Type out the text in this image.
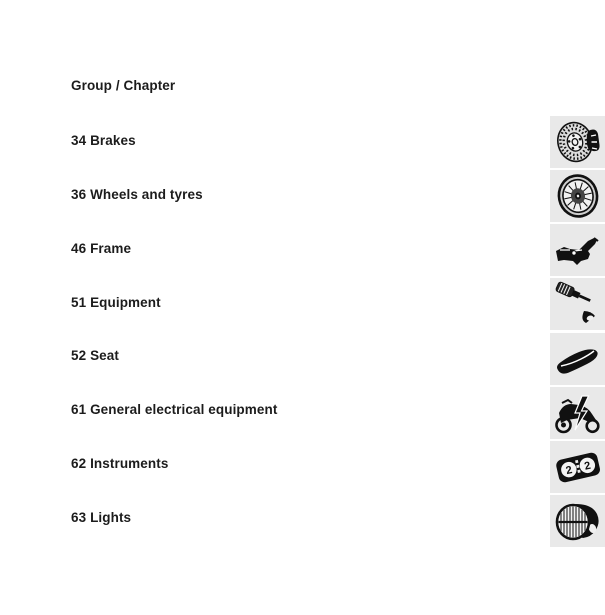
Group / Chapter
34 Brakes
36 Wheels and tyres
46 Frame
51 Equipment
52 Seat
61 General electrical equipment
62 Instruments
63 Lights
2 2
